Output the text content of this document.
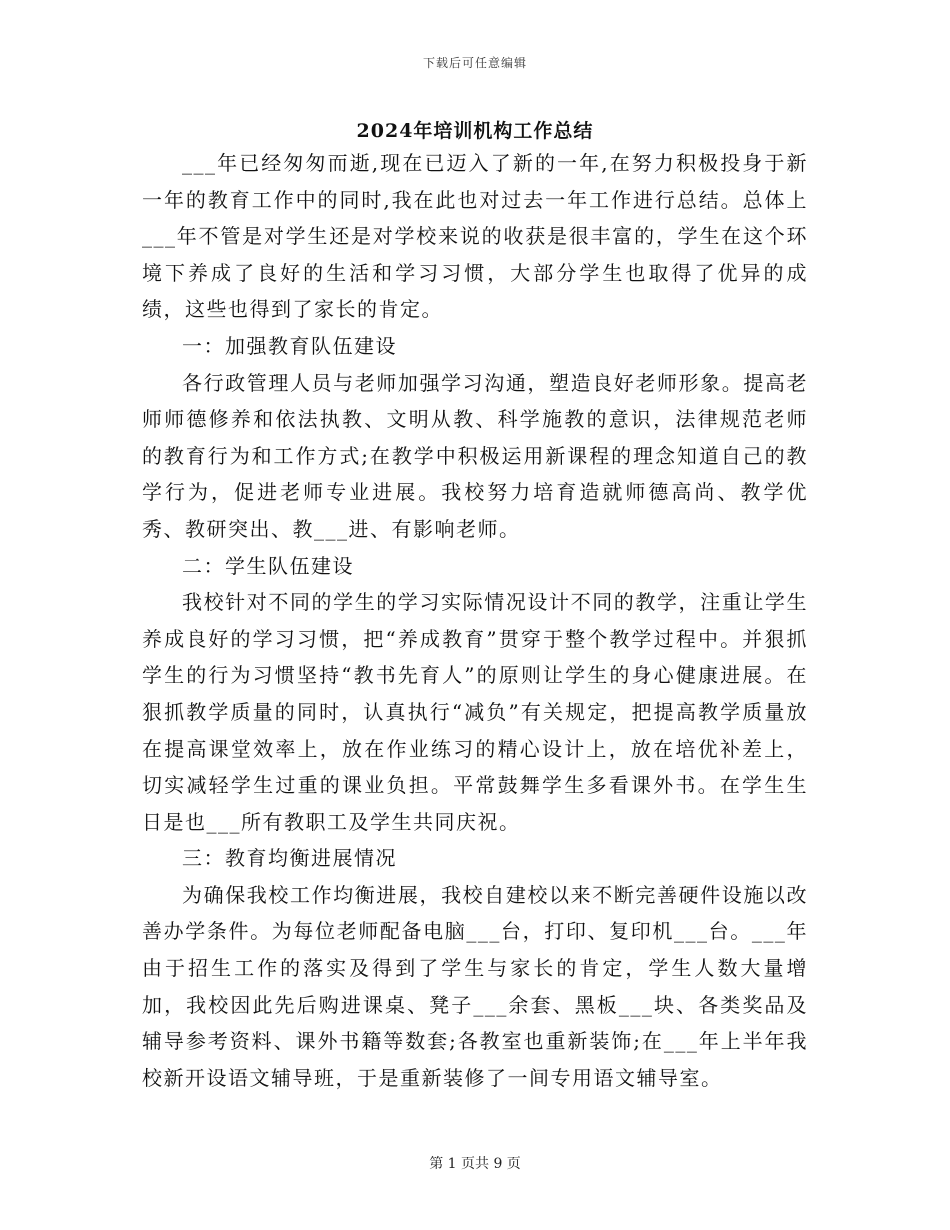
下载后可任意编辑
2024年培训机构工作总结

___年已经匆匆而逝,现在已迈入了新的一年,在努力积极投身于新一年的教育工作中的同时,我在此也对过去一年工作进行总结。总体上___年不管是对学生还是对学校来说的收获是很丰富的，学生在这个环境下养成了良好的生活和学习习惯，大部分学生也取得了优异的成绩，这些也得到了家长的肯定。

一：加强教育队伍建设

各行政管理人员与老师加强学习沟通，塑造良好老师形象。提高老师师德修养和依法执教、文明从教、科学施教的意识，法律规范老师的教育行为和工作方式;在教学中积极运用新课程的理念知道自己的教学行为，促进老师专业进展。我校努力培育造就师德高尚、教学优秀、教研突出、教___进、有影响老师。

二：学生队伍建设

我校针对不同的学生的学习实际情况设计不同的教学，注重让学生养成良好的学习习惯，把“养成教育”贯穿于整个教学过程中。并狠抓学生的行为习惯坚持“教书先育人”的原则让学生的身心健康进展。在狠抓教学质量的同时，认真执行“减负”有关规定，把提高教学质量放在提高课堂效率上，放在作业练习的精心设计上，放在培优补差上，切实减轻学生过重的课业负担。平常鼓舞学生多看课外书。在学生生日是也___所有教职工及学生共同庆祝。

三：教育均衡进展情况

为确保我校工作均衡进展，我校自建校以来不断完善硬件设施以改善办学条件。为每位老师配备电脑___台，打印、复印机___台。___年由于招生工作的落实及得到了学生与家长的肯定，学生人数大量增加，我校因此先后购进课桌、凳子___余套、黑板___块、各类奖品及辅导参考资料、课外书籍等数套;各教室也重新装饰;在___年上半年我校新开设语文辅导班，于是重新装修了一间专用语文辅导室。

第 1 页共 9 页
